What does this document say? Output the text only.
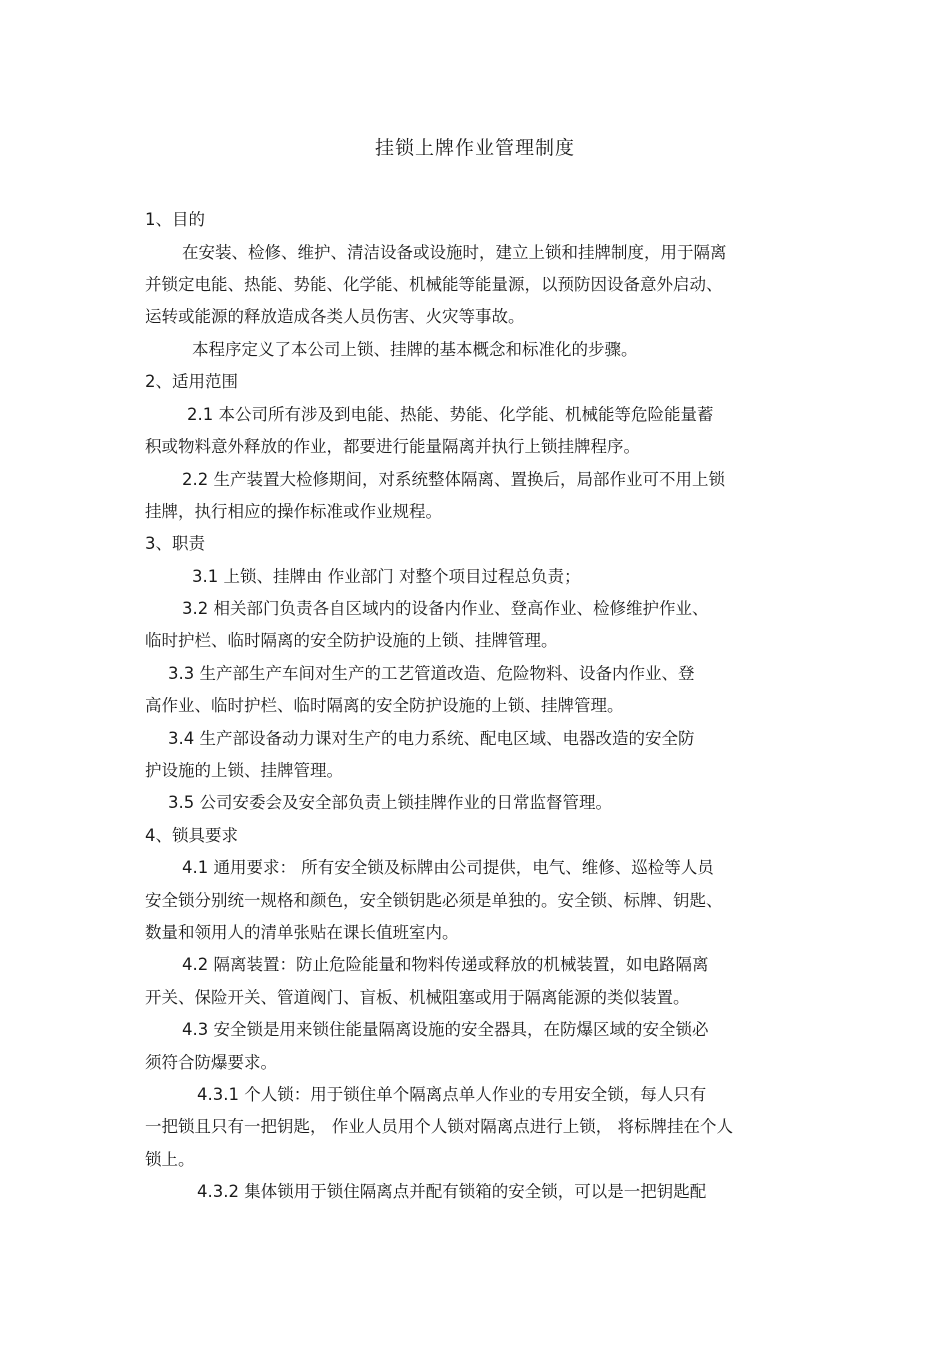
挂锁上牌作业管理制度
1、目的
在安装、检修、维护、清洁设备或设施时，建立上锁和挂牌制度，用于隔离
并锁定电能、热能、势能、化学能、机械能等能量源，以预防因设备意外启动、
运转或能源的释放造成各类人员伤害、火灾等事故。
本程序定义了本公司上锁、挂牌的基本概念和标准化的步骤。
2、适用范围
2.1 本公司所有涉及到电能、热能、势能、化学能、机械能等危险能量蓄
积或物料意外释放的作业，都要进行能量隔离并执行上锁挂牌程序。
2.2 生产装置大检修期间，对系统整体隔离、置换后，局部作业可不用上锁
挂牌，执行相应的操作标准或作业规程。
3、职责
3.1 上锁、挂牌由 作业部门 对整个项目过程总负责；
3.2 相关部门负责各自区域内的设备内作业、登高作业、检修维护作业、
临时护栏、临时隔离的安全防护设施的上锁、挂牌管理。
3.3 生产部生产车间对生产的工艺管道改造、危险物料、设备内作业、登
高作业、临时护栏、临时隔离的安全防护设施的上锁、挂牌管理。
3.4 生产部设备动力课对生产的电力系统、配电区域、电器改造的安全防
护设施的上锁、挂牌管理。
3.5 公司安委会及安全部负责上锁挂牌作业的日常监督管理。
4、锁具要求
4.1 通用要求： 所有安全锁及标牌由公司提供，电气、维修、巡检等人员
安全锁分别统一规格和颜色，安全锁钥匙必须是单独的。安全锁、标牌、钥匙、
数量和领用人的清单张贴在课长值班室内。
4.2 隔离装置：防止危险能量和物料传递或释放的机械装置，如电路隔离
开关、保险开关、管道阀门、盲板、机械阻塞或用于隔离能源的类似装置。
4.3 安全锁是用来锁住能量隔离设施的安全器具，在防爆区域的安全锁必
须符合防爆要求。
4.3.1 个人锁：用于锁住单个隔离点单人作业的专用安全锁，每人只有
一把锁且只有一把钥匙， 作业人员用个人锁对隔离点进行上锁， 将标牌挂在个人
锁上。
4.3.2 集体锁用于锁住隔离点并配有锁箱的安全锁，可以是一把钥匙配
